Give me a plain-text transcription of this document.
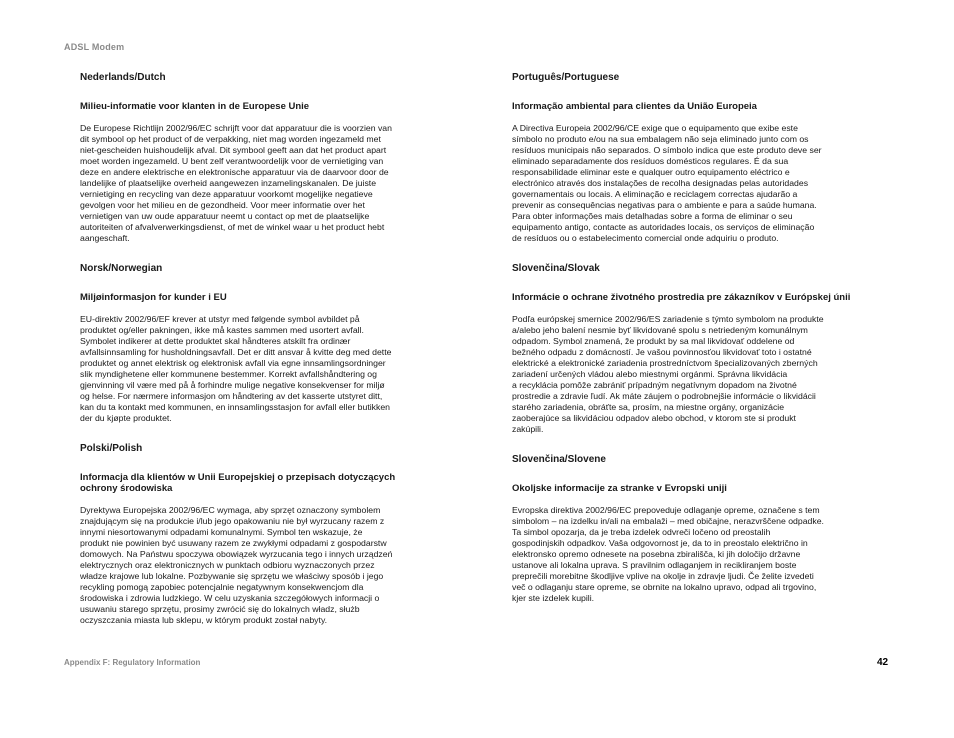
ADSL Modem
Nederlands/Dutch
Milieu-informatie voor klanten in de Europese Unie

De Europese Richtlijn 2002/96/EC schrijft voor dat apparatuur die is voorzien van
dit symbool op het product of de verpakking, niet mag worden ingezameld met
niet-gescheiden huishoudelijk afval. Dit symbool geeft aan dat het product apart
moet worden ingezameld. U bent zelf verantwoordelijk voor de vernietiging van
deze en andere elektrische en elektronische apparatuur via de daarvoor door de
landelijke of plaatselijke overheid aangewezen inzamelingskanalen. De juiste
vernietiging en recycling van deze apparatuur voorkomt mogelijke negatieve
gevolgen voor het milieu en de gezondheid. Voor meer informatie over het
vernietigen van uw oude apparatuur neemt u contact op met de plaatselijke
autoriteiten of afvalverwerkingsdienst, of met de winkel waar u het product hebt
aangeschaft.

Norsk/Norwegian
Miljøinformasjon for kunder i EU

EU-direktiv 2002/96/EF krever at utstyr med følgende symbol avbildet på
produktet og/eller pakningen, ikke må kastes sammen med usortert avfall.
Symbolet indikerer at dette produktet skal håndteres atskilt fra ordinær
avfallsinnsamling for husholdningsavfall. Det er ditt ansvar å kvitte deg med dette
produktet og annet elektrisk og elektronisk avfall via egne innsamlingsordninger
slik myndighetene eller kommunene bestemmer. Korrekt avfallshåndtering og
gjenvinning vil være med på å forhindre mulige negative konsekvenser for miljø
og helse. For nærmere informasjon om håndtering av det kasserte utstyret ditt,
kan du ta kontakt med kommunen, en innsamlingsstasjon for avfall eller butikken
der du kjøpte produktet.

Polski/Polish
Informacja dla klientów w Unii Europejskiej o przepisach dotyczących
ochrony środowiska

Dyrektywa Europejska 2002/96/EC wymaga, aby sprzęt oznaczony symbolem
znajdującym się na produkcie i/lub jego opakowaniu nie był wyrzucany razem z
innymi niesortowanymi odpadami komunalnymi. Symbol ten wskazuje, że
produkt nie powinien być usuwany razem ze zwykłymi odpadami z gospodarstw
domowych. Na Państwu spoczywa obowiązek wyrzucania tego i innych urządzeń
elektrycznych oraz elektronicznych w punktach odbioru wyznaczonych przez
władze krajowe lub lokalne. Pozbywanie się sprzętu we właściwy sposób i jego
recykling pomogą zapobiec potencjalnie negatywnym konsekwencjom dla
środowiska i zdrowia ludzkiego. W celu uzyskania szczegółowych informacji o
usuwaniu starego sprzętu, prosimy zwrócić się do lokalnych władz, służb
oczyszczania miasta lub sklepu, w którym produkt został nabyty.

Português/Portuguese
Informação ambiental para clientes da União Europeia

A Directiva Europeia 2002/96/CE exige que o equipamento que exibe este
símbolo no produto e/ou na sua embalagem não seja eliminado junto com os
resíduos municipais não separados. O símbolo indica que este produto deve ser
eliminado separadamente dos resíduos domésticos regulares. É da sua
responsabilidade eliminar este e qualquer outro equipamento eléctrico e
electrónico através dos instalações de recolha designadas pelas autoridades
governamentais ou locais. A eliminação e reciclagem correctas ajudarão a
prevenir as consequências negativas para o ambiente e para a saúde humana.
Para obter informações mais detalhadas sobre a forma de eliminar o seu
equipamento antigo, contacte as autoridades locais, os serviços de eliminação
de resíduos ou o estabelecimento comercial onde adquiriu o produto.

Slovenčina/Slovak
Informácie o ochrane životného prostredia pre zákazníkov v Európskej únii

Podľa európskej smernice 2002/96/ES zariadenie s týmto symbolom na produkte
a/alebo jeho balení nesmie byť likvidované spolu s netriedeným komunálnym
odpadom. Symbol znamená, že produkt by sa mal likvidovať oddelene od
bežného odpadu z domácností. Je vašou povinnosťou likvidovať toto i ostatné
elektrické a elektronické zariadenia prostredníctvom špecializovaných zberných
zariadení určených vládou alebo miestnymi orgánmi. Správna likvidácia
a recyklácia pomôže zabrániť prípadným negatívnym dopadom na životné
prostredie a zdravie ľudí. Ak máte záujem o podrobnejšie informácie o likvidácii
starého zariadenia, obráťte sa, prosím, na miestne orgány, organizácie
zaoberajúce sa likvidáciou odpadov alebo obchod, v ktorom ste si produkt
zakúpili.

Slovenčina/Slovene
Okoljske informacije za stranke v Evropski uniji

Evropska direktiva 2002/96/EC prepoveduje odlaganje opreme, označene s tem
simbolom – na izdelku in/ali na embalaži – med običajne, nerazvrščene odpadke.
Ta simbol opozarja, da je treba izdelek odvreči ločeno od preostalih
gospodinjskih odpadkov. Vaša odgovornost je, da to in preostalo električno in
elektronsko opremo odnesete na posebna zbirališča, ki jih določijo državne
ustanove ali lokalna uprava. S pravilnim odlaganjem in recikliranjem boste
preprečili morebitne škodljive vplive na okolje in zdravje ljudi. Če želite izvedeti
več o odlaganju stare opreme, se obrnite na lokalno upravo, odpad ali trgovino,
kjer ste izdelek kupili.

Appendix F: Regulatory Information	42
